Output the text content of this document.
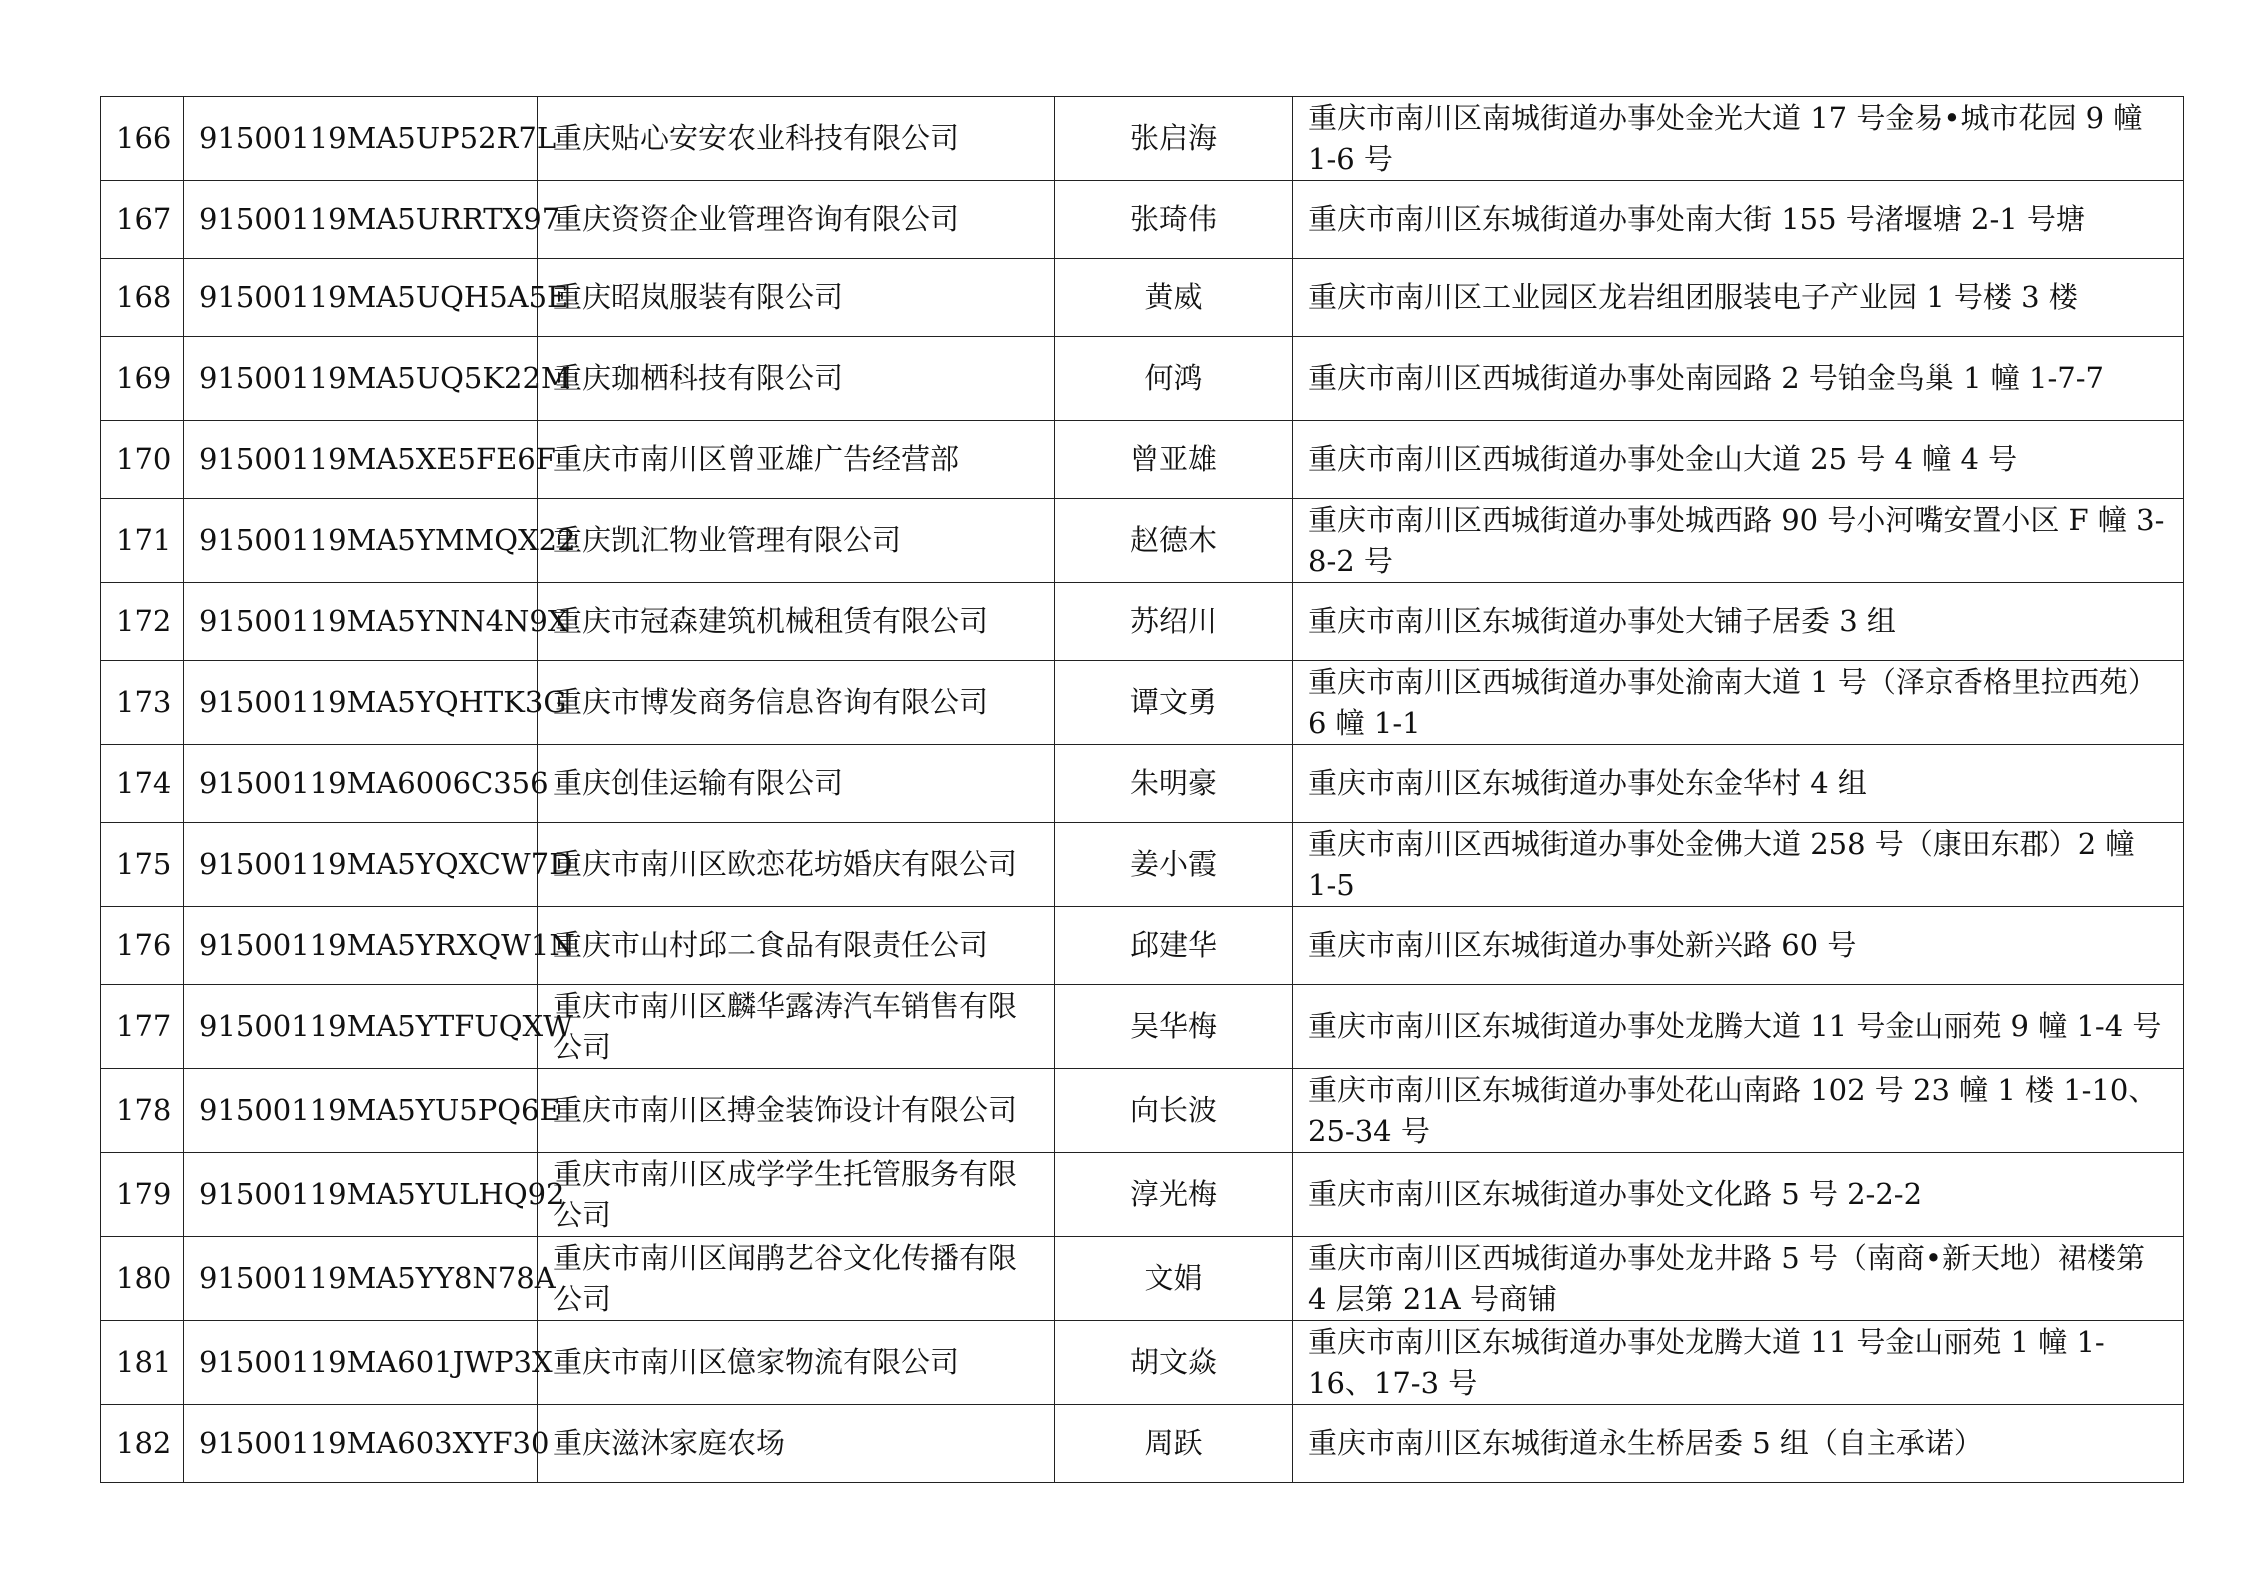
166	91500119MA5UP52R7L	重庆贴心安安农业科技有限公司	张启海	重庆市南川区南城街道办事处金光大道 17 号金易•城市花园 9 幢 1-6 号
167	91500119MA5URRTX97	重庆资资企业管理咨询有限公司	张琦伟	重庆市南川区东城街道办事处南大街 155 号渚堰塘 2-1 号塘
168	91500119MA5UQH5A5E	重庆昭岚服装有限公司	黄威	重庆市南川区工业园区龙岩组团服装电子产业园 1 号楼 3 楼
169	91500119MA5UQ5K22M	重庆珈栖科技有限公司	何鸿	重庆市南川区西城街道办事处南园路 2 号铂金鸟巢 1 幢 1-7-7
170	91500119MA5XE5FE6F	重庆市南川区曾亚雄广告经营部	曾亚雄	重庆市南川区西城街道办事处金山大道 25 号 4 幢 4 号
171	91500119MA5YMMQX22	重庆凯汇物业管理有限公司	赵德木	重庆市南川区西城街道办事处城西路 90 号小河嘴安置小区 F 幢 3-8-2 号
172	91500119MA5YNN4N9X	重庆市冠森建筑机械租赁有限公司	苏绍川	重庆市南川区东城街道办事处大铺子居委 3 组
173	91500119MA5YQHTK3G	重庆市博发商务信息咨询有限公司	谭文勇	重庆市南川区西城街道办事处渝南大道 1 号（泽京香格里拉西苑）6 幢 1-1
174	91500119MA6006C356	重庆创佳运输有限公司	朱明豪	重庆市南川区东城街道办事处东金华村 4 组
175	91500119MA5YQXCW7D	重庆市南川区欧恋花坊婚庆有限公司	姜小霞	重庆市南川区西城街道办事处金佛大道 258 号（康田东郡）2 幢 1-5
176	91500119MA5YRXQW1N	重庆市山村邱二食品有限责任公司	邱建华	重庆市南川区东城街道办事处新兴路 60 号
177	91500119MA5YTFUQXW	重庆市南川区麟华露涛汽车销售有限公司	吴华梅	重庆市南川区东城街道办事处龙腾大道 11 号金山丽苑 9 幢 1-4 号
178	91500119MA5YU5PQ6E	重庆市南川区搏金装饰设计有限公司	向长波	重庆市南川区东城街道办事处花山南路 102 号 23 幢 1 楼 1-10、25-34 号
179	91500119MA5YULHQ92	重庆市南川区成学学生托管服务有限公司	淳光梅	重庆市南川区东城街道办事处文化路 5 号 2-2-2
180	91500119MA5YY8N78A	重庆市南川区闻鹃艺谷文化传播有限公司	文娟	重庆市南川区西城街道办事处龙井路 5 号（南商•新天地）裙楼第 4 层第 21A 号商铺
181	91500119MA601JWP3X	重庆市南川区億家物流有限公司	胡文焱	重庆市南川区东城街道办事处龙腾大道 11 号金山丽苑 1 幢 1-16、17-3 号
182	91500119MA603XYF30	重庆滋沐家庭农场	周跃	重庆市南川区东城街道永生桥居委 5 组（自主承诺）
